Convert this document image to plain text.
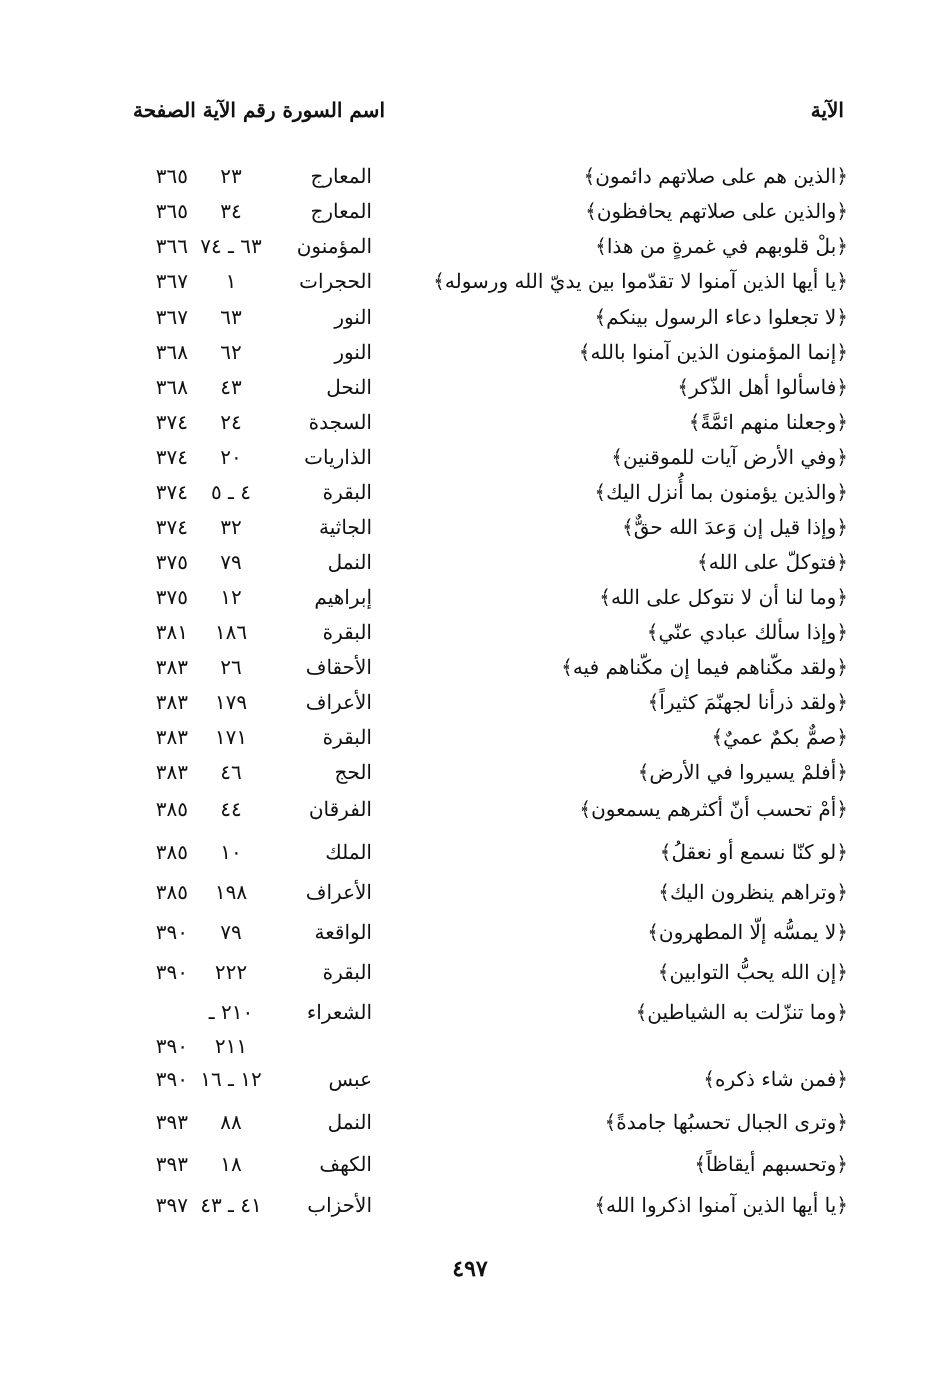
الآية
اسم السورة رقم الآية الصفحة
﴿الذين هم على صلاتهم دائمون﴾
المعارج
٢٣
٣٦٥
﴿والذين على صلاتهم يحافظون﴾
المعارج
٣٤
٣٦٥
﴿بلْ قلوبهم في غمرةٍ من هذا﴾
المؤمنون
٦٣ ـ ٧٤
٣٦٦
﴿يا أيها الذين آمنوا لا تقدّموا بين يديّ الله ورسوله﴾
الحجرات
١
٣٦٧
﴿لا تجعلوا دعاء الرسول بينكم﴾
النور
٦٣
٣٦٧
﴿إنما المؤمنون الذين آمنوا بالله﴾
النور
٦٢
٣٦٨
﴿فاسألوا أهل الذّكر﴾
النحل
٤٣
٣٦٨
﴿وجعلنا منهم ائمَّةً﴾
السجدة
٢٤
٣٧٤
﴿وفي الأرض آيات للموقنين﴾
الذاريات
٢٠
٣٧٤
﴿والذين يؤمنون بما أُنزل اليك﴾
البقرة
٤ ـ ٥
٣٧٤
﴿وإذا قيل إن وَعدَ الله حقٌّ﴾
الجاثية
٣٢
٣٧٤
﴿فتوكلّ على الله﴾
النمل
٧٩
٣٧٥
﴿وما لنا أن لا نتوكل على الله﴾
إبراهيم
١٢
٣٧٥
﴿وإذا سألك عبادي عنّي﴾
البقرة
١٨٦
٣٨١
﴿ولقد مكّناهم فيما إن مكّناهم فيه﴾
الأحقاف
٢٦
٣٨٣
﴿ولقد ذرأنا لجهنّمَ كثيراً﴾
الأعراف
١٧٩
٣٨٣
﴿صمٌّ بكمٌ عميٌ﴾
البقرة
١٧١
٣٨٣
﴿أفلمْ يسيروا في الأرض﴾
الحج
٤٦
٣٨٣
﴿أمْ تحسب أنّ أكثرهم يسمعون﴾
الفرقان
٤٤
٣٨٥
﴿لو كنّا نسمع أو نعقلُ﴾
الملك
١٠
٣٨٥
﴿وتراهم ينظرون اليك﴾
الأعراف
١٩٨
٣٨٥
﴿لا يمسُّه إلّا المطهرون﴾
الواقعة
٧٩
٣٩٠
﴿إن الله يحبُّ التوابين﴾
البقرة
٢٢٢
٣٩٠
﴿وما تنزّلت به الشياطين﴾
الشعراء
٢١٠ ـ
٢١١
٣٩٠
﴿فمن شاء ذكره﴾
عبس
١٢ ـ ١٦
٣٩٠
﴿وترى الجبال تحسبُها جامدةً﴾
النمل
٨٨
٣٩٣
﴿وتحسبهم أيقاظاً﴾
الكهف
١٨
٣٩٣
﴿يا أيها الذين آمنوا اذكروا الله﴾
الأحزاب
٤١ ـ ٤٣
٣٩٧
٤٩٧
